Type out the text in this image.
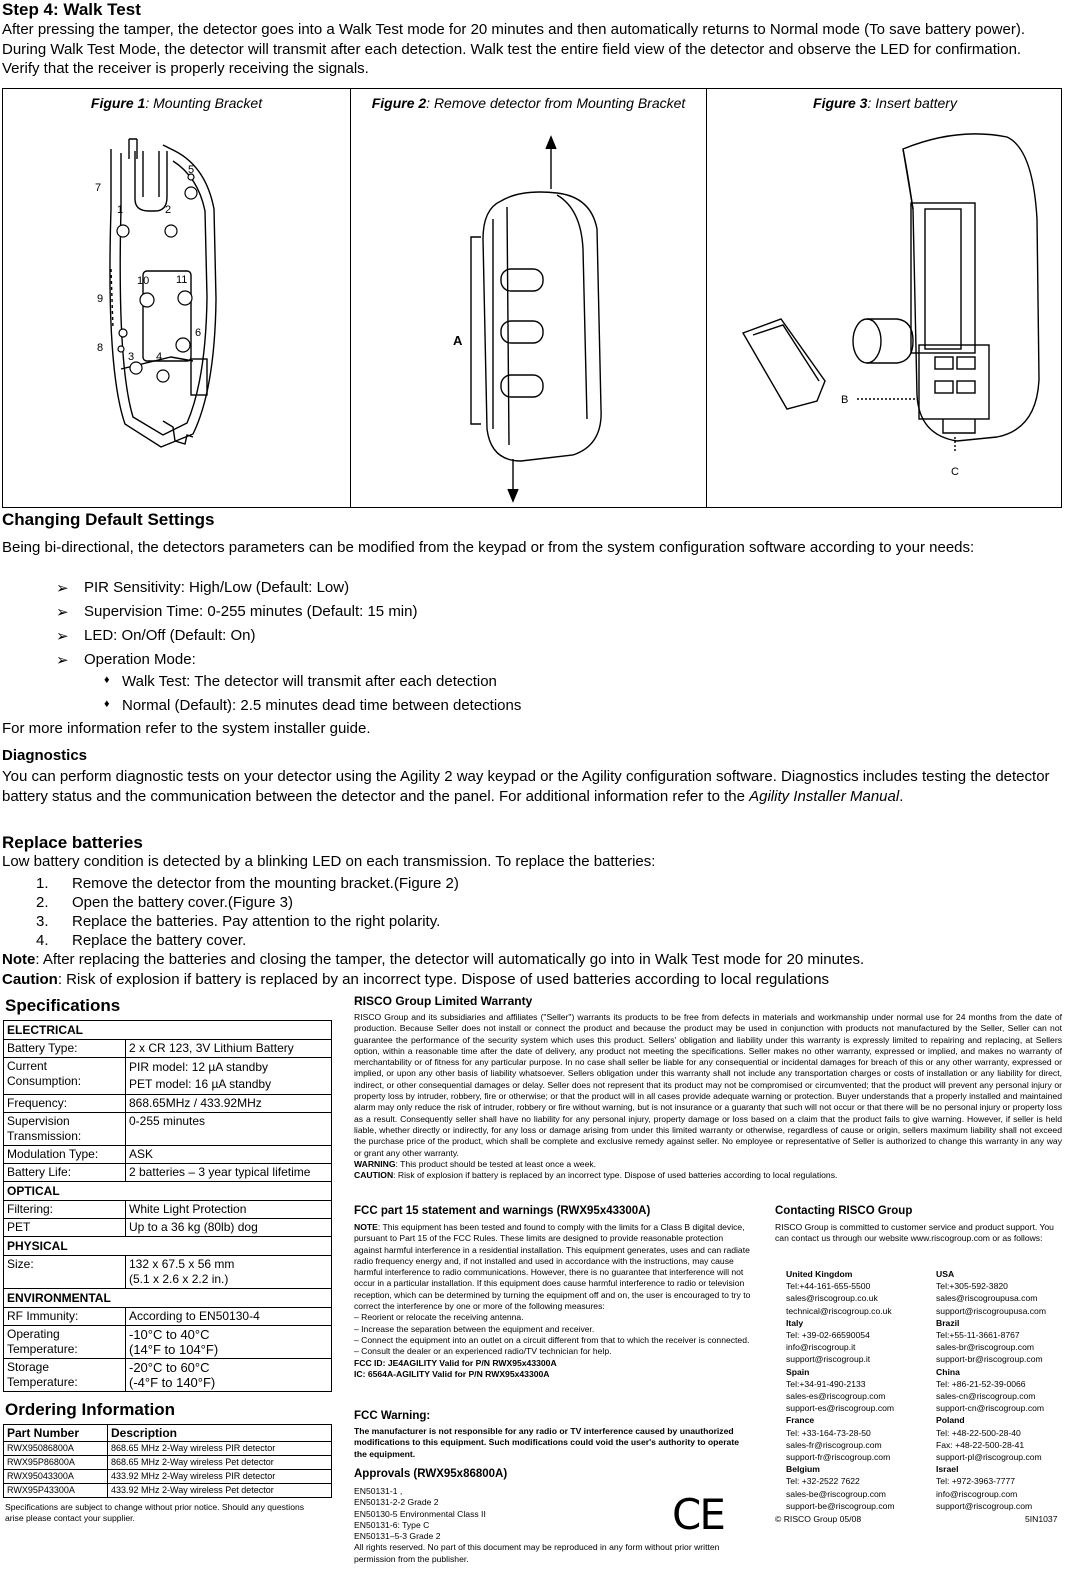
Step 4: Walk Test
After pressing the tamper, the detector goes into a Walk Test mode for 20 minutes and then automatically returns to Normal mode (To save battery power). During Walk Test Mode, the detector will transmit after each detection. Walk test the entire field view of the detector and observe the LED for confirmation. Verify that the receiver is properly receiving the signals.
Figure 1: Mounting Bracket
7
5
1	2
10 11
9
6
8
3 4
Figure 2: Remove detector from Mounting Bracket
A
Figure 3: Insert battery
B
C
Changing Default Settings
Being bi-directional, the detectors parameters can be modified from the keypad or from the system configuration software according to your needs:
➢ PIR Sensitivity: High/Low (Default: Low)
➢ Supervision Time: 0-255 minutes (Default: 15 min)
➢ LED: On/Off (Default: On)
➢ Operation Mode:
♦ Walk Test: The detector will transmit after each detection
♦ Normal (Default): 2.5 minutes dead time between detections
For more information refer to the system installer guide.
Diagnostics
You can perform diagnostic tests on your detector using the Agility 2 way keypad or the Agility configuration software. Diagnostics includes testing the detector battery status and the communication between the detector and the panel. For additional information refer to the Agility Installer Manual.
Replace batteries
Low battery condition is detected by a blinking LED on each transmission. To replace the batteries:
1. Remove the detector from the mounting bracket.(Figure 2)
2. Open the battery cover.(Figure 3)
3. Replace the batteries. Pay attention to the right polarity.
4. Replace the battery cover.
Note: After replacing the batteries and closing the tamper, the detector will automatically go into in Walk Test mode for 20 minutes.
Caution: Risk of explosion if battery is replaced by an incorrect type. Dispose of used batteries according to local regulations
Specifications
ELECTRICAL	
Battery Type:	2 x CR 123, 3V Lithium Battery
Current Consumption:	PIR model: 12 µA standby
PET model: 16 µA standby
Frequency:	868.65MHz / 433.92MHz
Supervision Transmission:	0-255 minutes
Modulation Type:	ASK
Battery Life:	2 batteries – 3 year typical lifetime
OPTICAL	
Filtering:	White Light Protection
PET	Up to a 36 kg (80lb) dog
PHYSICAL	
Size:	132 x 67.5 x 56 mm
(5.1 x 2.6 x 2.2 in.)
ENVIRONMENTAL	
RF Immunity:	According to EN50130-4
Operating Temperature:	-10°C to 40°C
(14°F to 104°F)
Storage Temperature:	-20°C to 60°C
(-4°F to 140°F)
Ordering Information
Part Number	Description
RWX95086800A	868.65 MHz 2-Way wireless PIR detector
RWX95P86800A	868.65 MHz 2-Way wireless Pet detector
RWX95043300A	433.92 MHz 2-Way wireless PIR detector
RWX95P43300A	433.92 MHz 2-Way wireless Pet detector
Specifications are subject to change without prior notice. Should any questions arise please contact your supplier.
RISCO Group Limited Warranty
RISCO Group and its subsidiaries and affiliates ("Seller") warrants its products to be free from defects in materials and workmanship under normal use for 24 months from the date of production. Because Seller does not install or connect the product and because the product may be used in conjunction with products not manufactured by the Seller, Seller can not guarantee the performance of the security system which uses this product. Sellers' obligation and liability under this warranty is expressly limited to repairing and replacing, at Sellers option, within a reasonable time after the date of delivery, any product not meeting the specifications. Seller makes no other warranty, expressed or implied, and makes no warranty of merchantability or of fitness for any particular purpose. In no case shall seller be liable for any consequential or incidental damages for breach of this or any other warranty, expressed or implied, or upon any other basis of liability whatsoever. Sellers obligation under this warranty shall not include any transportation charges or costs of installation or any liability for direct, indirect, or other consequential damages or delay. Seller does not represent that its product may not be compromised or circumvented; that the product will prevent any personal injury or property loss by intruder, robbery, fire or otherwise; or that the product will in all cases provide adequate warning or protection. Buyer understands that a properly installed and maintained alarm may only reduce the risk of intruder, robbery or fire without warning, but is not insurance or a guaranty that such will not occur or that there will be no personal injury or property loss as a result. Consequently seller shall have no liability for any personal injury, property damage or loss based on a claim that the product fails to give warning. However, if seller is held liable, whether directly or indirectly, for any loss or damage arising from under this limited warranty or otherwise, regardless of cause or origin, sellers maximum liability shall not exceed the purchase price of the product, which shall be complete and exclusive remedy against seller. No employee or representative of Seller is authorized to change this warranty in any way or grant any other warranty.
WARNING: This product should be tested at least once a week.
CAUTION: Risk of explosion if battery is replaced by an incorrect type. Dispose of used batteries according to local regulations.
FCC part 15 statement and warnings (RWX95x43300A)
NOTE: This equipment has been tested and found to comply with the limits for a Class B digital device, pursuant to Part 15 of the FCC Rules. These limits are designed to provide reasonable protection against harmful interference in a residential installation. This equipment generates, uses and can radiate radio frequency energy and, if not installed and used in accordance with the instructions, may cause harmful interference to radio communications. However, there is no guarantee that interference will not occur in a particular installation. If this equipment does cause harmful interference to radio or television reception, which can be determined by turning the equipment off and on, the user is encouraged to try to correct the interference by one or more of the following measures:
– Reorient or relocate the receiving antenna.
– Increase the separation between the equipment and receiver.
– Connect the equipment into an outlet on a circuit different from that to which the receiver is connected.
– Consult the dealer or an experienced radio/TV technician for help.
FCC ID: JE4AGILITY Valid for P/N RWX95x43300A
IC: 6564A-AGILITY Valid for P/N RWX95x43300A
FCC Warning:
The manufacturer is not responsible for any radio or TV interference caused by unauthorized modifications to this equipment. Such modifications could void the user's authority to operate the equipment.
Approvals (RWX95x86800A)
EN50131-1 ,
EN50131-2-2 Grade 2
EN50130-5 Environmental Class II
EN50131-6: Type C
EN50131–5-3 Grade 2
All rights reserved. No part of this document may be reproduced in any form without prior written permission from the publisher.
CE
Contacting RISCO Group
RISCO Group is committed to customer service and product support. You can contact us through our website www.riscogroup.com or as follows:
United Kingdom
Tel:+44-161-655-5500
sales@riscogroup.co.uk
technical@riscogroup.co.uk
Italy
Tel: +39-02-66590054
info@riscogroup.it
support@riscogroup.it
Spain
Tel:+34-91-490-2133
sales-es@riscogroup.com
support-es@riscogroup.com
France
Tel: +33-164-73-28-50
sales-fr@riscogroup.com
support-fr@riscogroup.com
Belgium
Tel: +32-2522 7622
sales-be@riscogroup.com
support-be@riscogroup.com
USA
Tel:+305-592-3820
sales@riscogroupusa.com
support@riscogroupusa.com
Brazil
Tel:+55-11-3661-8767
sales-br@riscogroup.com
support-br@riscogroup.com
China
Tel: +86-21-52-39-0066
sales-cn@riscogroup.com
support-cn@riscogroup.com
Poland
Tel: +48-22-500-28-40
Fax: +48-22-500-28-41
support-pl@riscogroup.com
Israel
Tel: +972-3963-7777
info@riscogroup.com
support@riscogroup.com
© RISCO Group 05/08	5IN1037
